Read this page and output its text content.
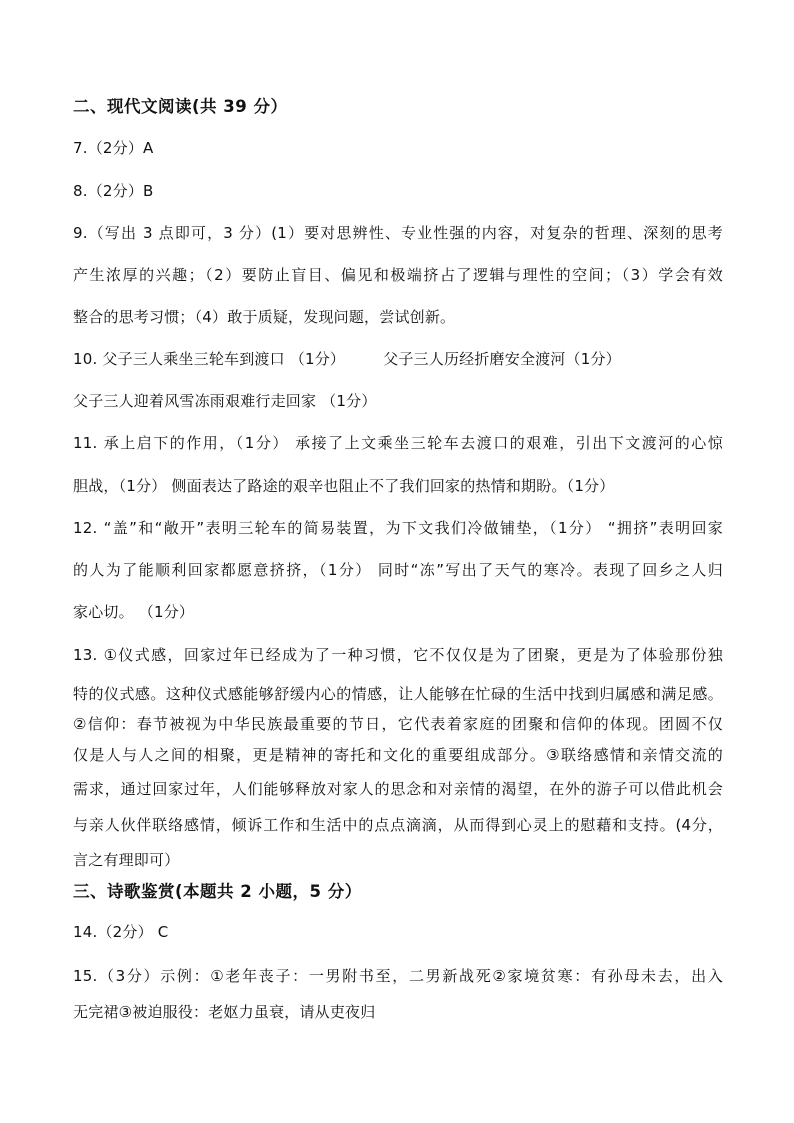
二、现代文阅读(共 39 分）
7.（2分）A
8.（2分）B
9.（写出 3 点即可，3 分）(1）要对思辨性、专业性强的内容，对复杂的哲理、深刻的思考
产生浓厚的兴趣；（2）要防止盲目、偏见和极端挤占了逻辑与理性的空间；（3）学会有效
整合的思考习惯；（4）敢于质疑，发现问题，尝试创新。
10. 父子三人乘坐三轮车到渡口 （1分）	父子三人历经折磨安全渡河（1分）
父子三人迎着风雪冻雨艰难行走回家 （1分）
11. 承上启下的作用，（1分） 承接了上文乘坐三轮车去渡口的艰难，引出下文渡河的心惊
胆战，（1分） 侧面表达了路途的艰辛也阻止不了我们回家的热情和期盼。（1分）
12. “盖”和“敞开”表明三轮车的简易装置，为下文我们冷做铺垫，（1分） “拥挤”表明回家
的人为了能顺利回家都愿意挤挤，（1分） 同时“冻”写出了天气的寒冷。表现了回乡之人归
家心切。 （1分）
13. ①仪式感，回家过年已经成为了一种习惯，它不仅仅是为了团聚，更是为了体验那份独
特的仪式感。这种仪式感能够舒缓内心的情感，让人能够在忙碌的生活中找到归属感和满足感。
②信仰：春节被视为中华民族最重要的节日，它代表着家庭的团聚和信仰的体现。团圆不仅
仅是人与人之间的相聚，更是精神的寄托和文化的重要组成部分。③联络感情和亲情交流的
需求，通过回家过年，人们能够释放对家人的思念和对亲情的渴望，在外的游子可以借此机会
与亲人伙伴联络感情，倾诉工作和生活中的点点滴滴，从而得到心灵上的慰藉和支持。(4分，
言之有理即可）
三、诗歌鉴赏(本题共 2 小题，5 分）
14.（2分） C
15.（3分）示例：①老年丧子：一男附书至，二男新战死②家境贫寒：有孙母未去，出入
无完裙③被迫服役：老妪力虽衰，请从吏夜归
